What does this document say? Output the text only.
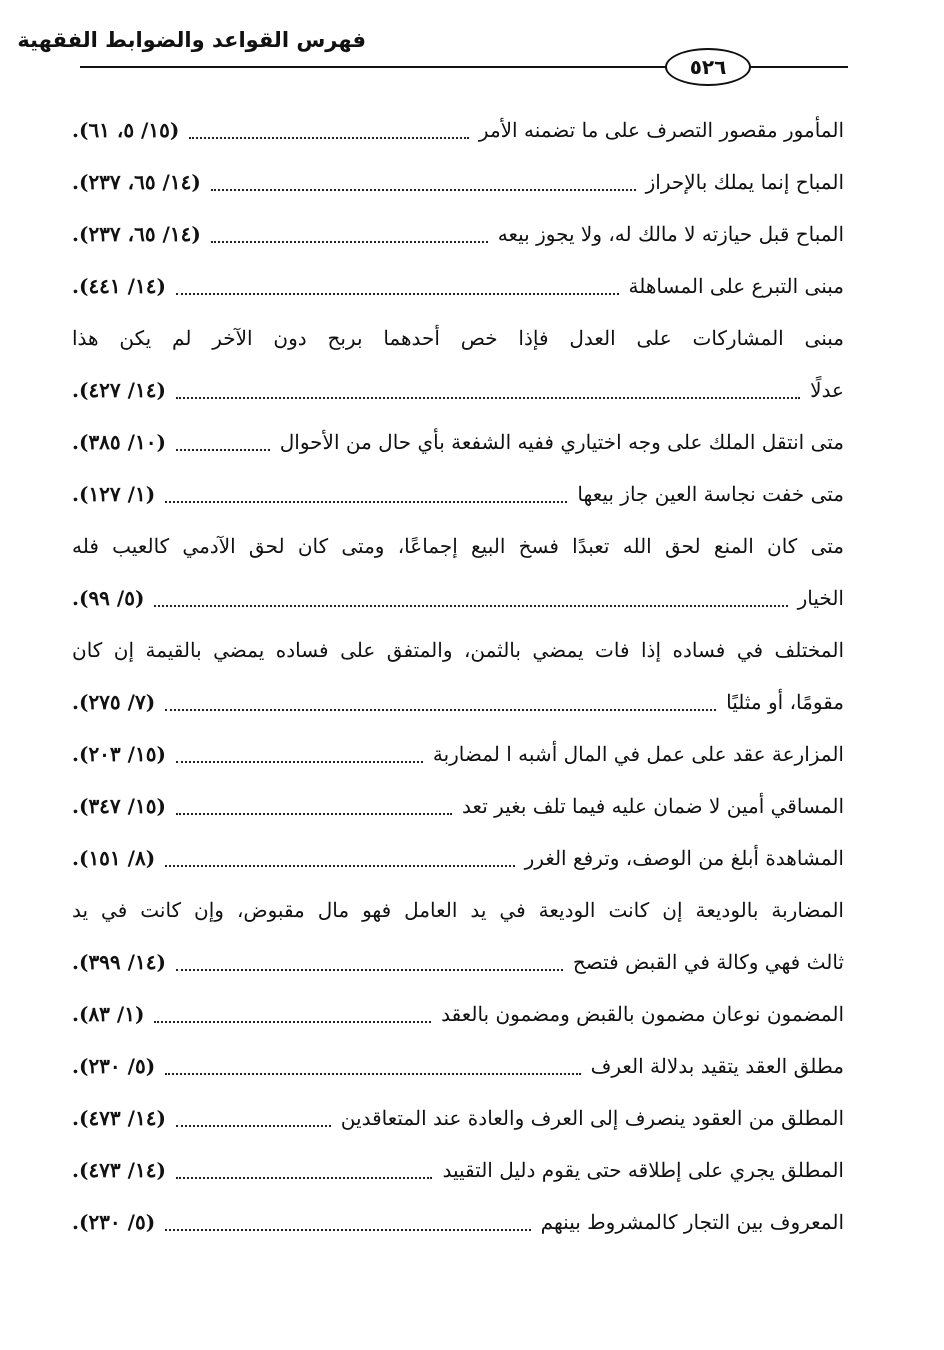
فهرس القواعد والضوابط الفقهية
٥٢٦
المأمور مقصور التصرف على ما تضمنه الأمر
(١٥/ ٥، ٦١).
المباح إنما يملك بالإحراز
(١٤/ ٦٥، ٢٣٧).
المباح قبل حيازته لا مالك له، ولا يجوز بيعه
(١٤/ ٦٥، ٢٣٧).
مبنى التبرع على المساهلة
(١٤/ ٤٤١).
مبنى المشاركات على العدل فإذا خص أحدهما بربح دون الآخر لم يكن هذا
عدلًا
(١٤/ ٤٢٧).
متى انتقل الملك على وجه اختياري ففيه الشفعة بأي حال من الأحوال
(١٠/ ٣٨٥).
متى خفت نجاسة العين جاز بيعها
(١/ ١٢٧).
متى كان المنع لحق الله تعبدًا فسخ البيع إجماعًا، ومتى كان لحق الآدمي كالعيب فله
الخيار
(٥/ ٩٩).
المختلف في فساده إذا فات يمضي بالثمن، والمتفق على فساده يمضي بالقيمة إن كان
مقومًا، أو مثليًا
(٧/ ٢٧٥).
المزارعة عقد على عمل في المال أشبه ا لمضاربة
(١٥/ ٢٠٣).
المساقي أمين لا ضمان عليه فيما تلف بغير تعد
(١٥/ ٣٤٧).
المشاهدة أبلغ من الوصف، وترفع الغرر
(٨/ ١٥١).
المضاربة بالوديعة إن كانت الوديعة في يد العامل فهو مال مقبوض، وإن كانت في يد
ثالث فهي وكالة في القبض فتصح
(١٤/ ٣٩٩).
المضمون نوعان مضمون بالقبض ومضمون بالعقد
(١/ ٨٣).
مطلق العقد يتقيد بدلالة العرف
(٥/ ٢٣٠).
المطلق من العقود ينصرف إلى العرف والعادة عند المتعاقدين
(١٤/ ٤٧٣).
المطلق يجري على إطلاقه حتى يقوم دليل التقييد
(١٤/ ٤٧٣).
المعروف بين التجار كالمشروط بينهم
(٥/ ٢٣٠).
